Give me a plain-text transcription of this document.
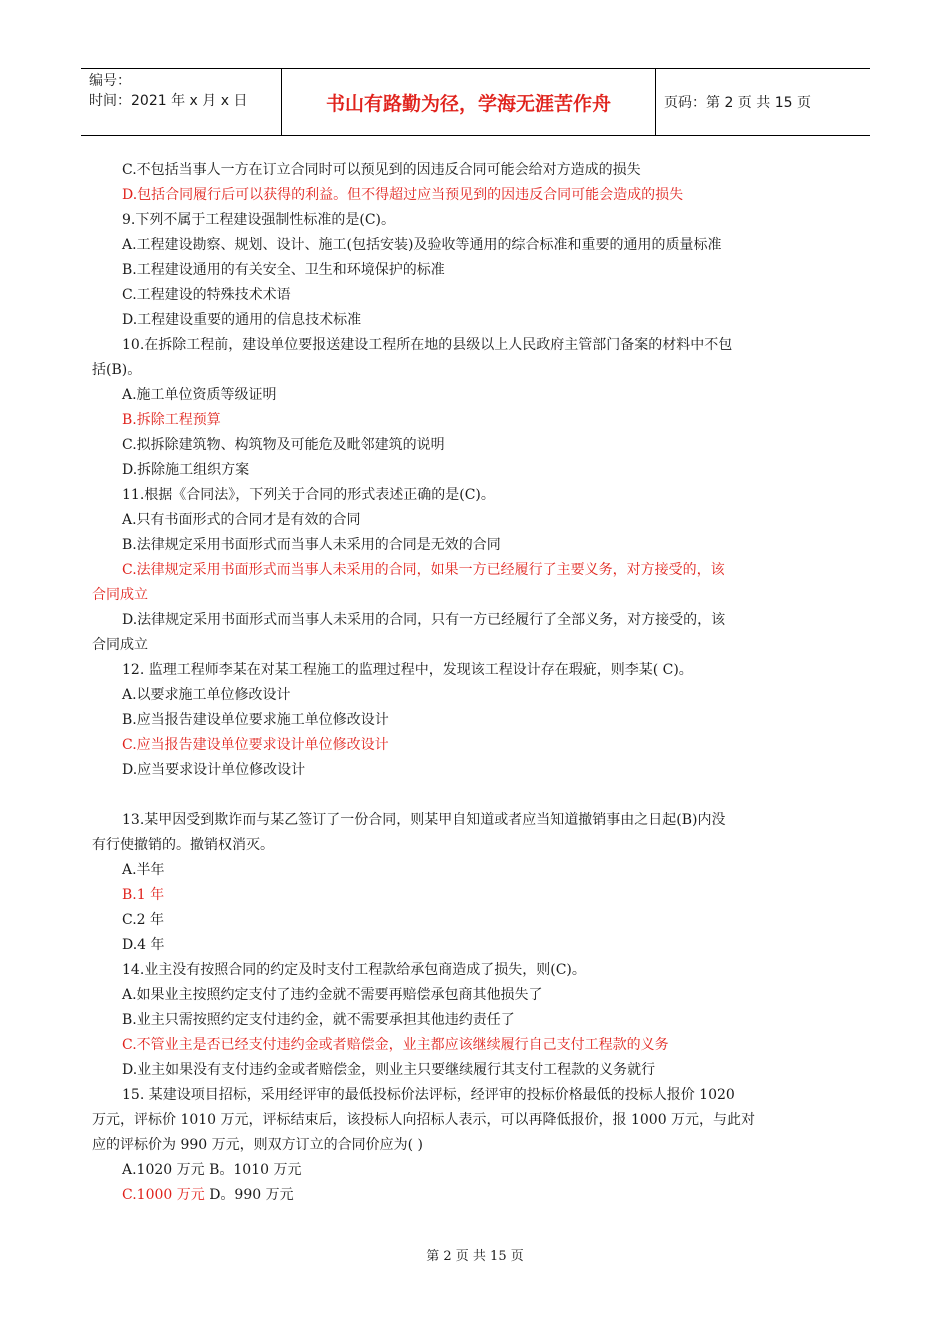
编号：
时间：2021 年 x 月 x 日	书山有路勤为径，学海无涯苦作舟	页码：第 2 页 共 15 页
C.不包括当事人一方在订立合同时可以预见到的因违反合同可能会给对方造成的损失
D.包括合同履行后可以获得的利益。但不得超过应当预见到的因违反合同可能会造成的损失
9.下列不属于工程建设强制性标准的是(C)。
A.工程建设勘察、规划、设计、施工(包括安装)及验收等通用的综合标准和重要的通用的质量标准
B.工程建设通用的有关安全、卫生和环境保护的标准
C.工程建设的特殊技术术语
D.工程建设重要的通用的信息技术标准
10.在拆除工程前，建设单位要报送建设工程所在地的县级以上人民政府主管部门备案的材料中不包
括(B)。
A.施工单位资质等级证明
B.拆除工程预算
C.拟拆除建筑物、构筑物及可能危及毗邻建筑的说明
D.拆除施工组织方案
11.根据《合同法》，下列关于合同的形式表述正确的是(C)。
A.只有书面形式的合同才是有效的合同
B.法律规定采用书面形式而当事人未采用的合同是无效的合同
C.法律规定采用书面形式而当事人未采用的合同，如果一方已经履行了主要义务，对方接受的，该
合同成立
D.法律规定采用书面形式而当事人未采用的合同，只有一方已经履行了全部义务，对方接受的，该
合同成立
12. 监理工程师李某在对某工程施工的监理过程中，发现该工程设计存在瑕疵，则李某( C)。
A.以要求施工单位修改设计
B.应当报告建设单位要求施工单位修改设计
C.应当报告建设单位要求设计单位修改设计
D.应当要求设计单位修改设计
13.某甲因受到欺诈而与某乙签订了一份合同，则某甲自知道或者应当知道撤销事由之日起(B)内没
有行使撤销的。撤销权消灭。
A.半年
B.1 年
C.2 年
D.4 年
14.业主没有按照合同的约定及时支付工程款给承包商造成了损失，则(C)。
A.如果业主按照约定支付了违约金就不需要再赔偿承包商其他损失了
B.业主只需按照约定支付违约金，就不需要承担其他违约责任了
C.不管业主是否已经支付违约金或者赔偿金，业主都应该继续履行自己支付工程款的义务
D.业主如果没有支付违约金或者赔偿金，则业主只要继续履行其支付工程款的义务就行
15. 某建设项目招标，采用经评审的最低投标价法评标，经评审的投标价格最低的投标人报价 1020
万元，评标价 1010 万元，评标结束后，该投标人向招标人表示，可以再降低报价，报 1000 万元，与此对
应的评标价为 990 万元，则双方订立的合同价应为( )
A.1020 万元 B。1010 万元
C.1000 万元 D。990 万元
第 2 页 共 15 页
